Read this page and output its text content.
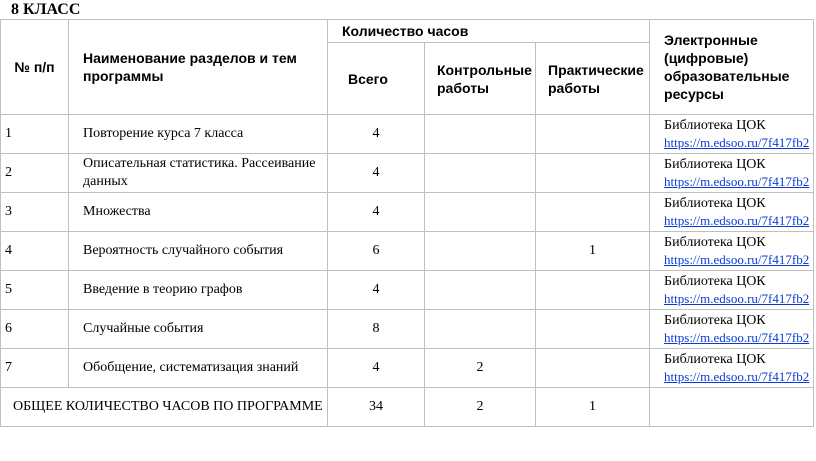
8 КЛАСС
№ п/п	Наименование разделов и тем программы	Количество часов			Электронные (цифровые) образовательные ресурсы
		Всего	Контрольные работы	Практические работы	
1	Повторение курса 7 класса	4			Библиотека ЦОК
https://m.edsoo.ru/7f417fb2

2	Описательная статистика. Рассеивание данных	4			Библиотека ЦОК
https://m.edsoo.ru/7f417fb2

3	Множества	4			Библиотека ЦОК
https://m.edsoo.ru/7f417fb2

4	Вероятность случайного события	6		1	Библиотека ЦОК
https://m.edsoo.ru/7f417fb2

5	Введение в теорию графов	4			Библиотека ЦОК
https://m.edsoo.ru/7f417fb2

6	Случайные события	8			Библиотека ЦОК
https://m.edsoo.ru/7f417fb2

7	Обобщение, систематизация знаний	4	2		Библиотека ЦОК
https://m.edsoo.ru/7f417fb2

ОБЩЕЕ КОЛИЧЕСТВО ЧАСОВ ПО ПРОГРАММЕ		34	2	1	
